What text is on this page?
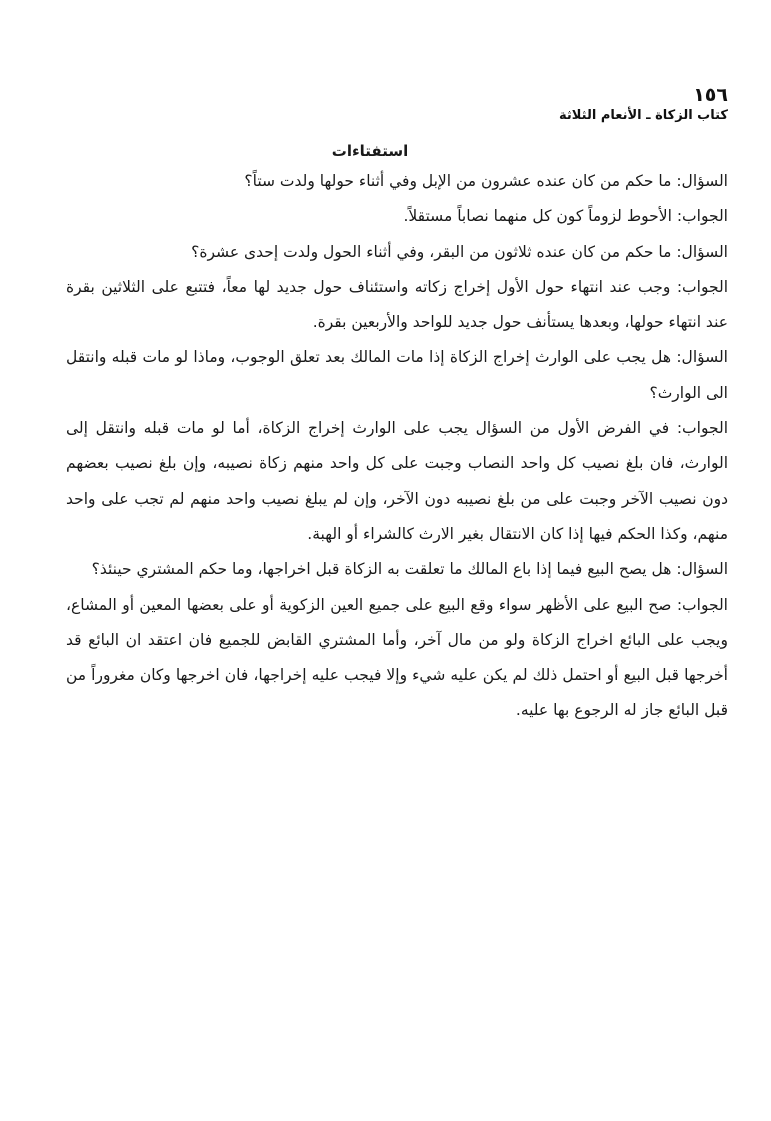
١٥٦
كتاب الزكاة ـ الأنعام الثلاثة
استفتاءات

السؤال: ما حكم من كان عنده عشرون من الإبل وفي أثناء حولها ولدت ستاً؟

الجواب: الأحوط لزوماً كون كل منهما نصاباً مستقلاً.

السؤال: ما حكم من كان عنده ثلاثون من البقر، وفي أثناء الحول ولدت إحدى عشرة؟

الجواب: وجب عند انتهاء حول الأول إخراج زكاته واستئناف حول جديد لها معاً، فتتبع على الثلاثين بقرة عند انتهاء حولها، وبعدها يستأنف حول جديد للواحد والأربعين بقرة.

السؤال: هل يجب على الوارث إخراج الزكاة إذا مات المالك بعد تعلق الوجوب، وماذا لو مات قبله وانتقل الى الوارث؟

الجواب: في الفرض الأول من السؤال يجب على الوارث إخراج الزكاة، أما لو مات قبله وانتقل إلى الوارث، فان بلغ نصيب كل واحد النصاب وجبت على كل واحد منهم زكاة نصيبه، وإن بلغ نصيب بعضهم دون نصيب الآخر وجبت على من بلغ نصيبه دون الآخر، وإن لم يبلغ نصيب واحد منهم لم تجب على واحد منهم، وكذا الحكم فيها إذا كان الانتقال بغير الارث كالشراء أو الهبة.

السؤال: هل يصح البيع فيما إذا باع المالك ما تعلقت به الزكاة قبل اخراجها، وما حكم المشتري حينئذ؟

الجواب: صح البيع على الأظهر سواء وقع البيع على جميع العين الزكوية أو على بعضها المعين أو المشاع، ويجب على البائع اخراج الزكاة ولو من مال آخر، وأما المشتري القابض للجميع فان اعتقد ان البائع قد أخرجها قبل البيع أو احتمل ذلك لم يكن عليه شيء وإلا فيجب عليه إخراجها، فان اخرجها وكان مغروراً من قبل البائع جاز له الرجوع بها عليه.
